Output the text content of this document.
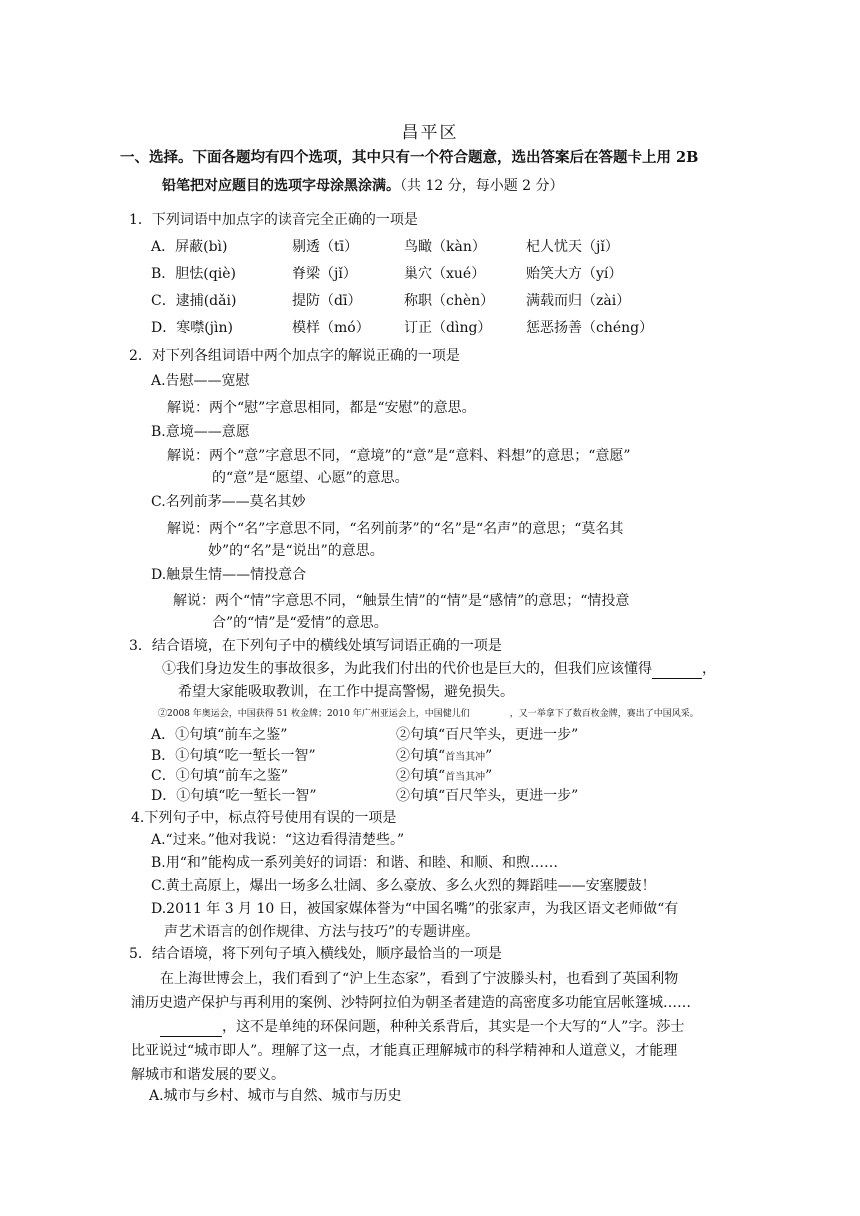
昌平区
一、选择。下面各题均有四个选项，其中只有一个符合题意，选出答案后在答题卡上用 2B
铅笔把对应题目的选项字母涂黑涂满。（共 12 分，每小题 2 分）
1．下列词语中加点字的读音完全正确的一项是
A．屏蔽(bì)	剔透（tī）	鸟瞰（kàn）	杞人忧天（jǐ）
B．胆怯(qiè)	脊梁（jǐ）	巢穴（xué）	贻笑大方（yí）
C．逮捕(dǎi)	提防（dī）	称职（chèn） 满载而归（zài）
D．寒噤(jìn)	模样（mó） 订正（dìng） 惩恶扬善（chéng）
2．对下列各组词语中两个加点字的解说正确的一项是
A.告慰——宽慰
解说：两个“慰”字意思相同，都是“安慰”的意思。
B.意境——意愿
解说：两个“意”字意思不同，“意境”的“意”是“意料、料想”的意思；“意愿”
的“意”是“愿望、心愿”的意思。
C.名列前茅——莫名其妙
解说：两个“名”字意思不同，“名列前茅”的“名”是“名声”的意思；“莫名其
妙”的“名”是“说出”的意思。
D.触景生情——情投意合
解说：两个“情”字意思不同，“触景生情”的“情”是“感情”的意思；“情投意
合”的“情”是“爱情”的意思。
3．结合语境，在下列句子中的横线处填写词语正确的一项是
①我们身边发生的事故很多，为此我们付出的代价也是巨大的，但我们应该懂得	，
希望大家能吸取教训，在工作中提高警惕，避免损失。
②2008 年奥运会，中国获得 51 枚金牌；2010 年广州亚运会上，中国健儿们	，又一举拿下了数百枚金牌，赛出了中国风采。
A．①句填“前车之鉴”	②句填“百尺竿头，更进一步”
B．①句填“吃一堑长一智”	②句填“首当其冲”
C．①句填“前车之鉴”	②句填“首当其冲”
D．①句填“吃一堑长一智”	②句填“百尺竿头，更进一步”
4.下列句子中，标点符号使用有误的一项是
A.“过来。”他对我说：“这边看得清楚些。”
B.用“和”能构成一系列美好的词语：和谐、和睦、和顺、和煦……
C.黄土高原上，爆出一场多么壮阔、多么豪放、多么火烈的舞蹈哇——安塞腰鼓！
D.2011 年 3 月 10 日，被国家媒体誉为“中国名嘴”的张家声，为我区语文老师做“有
声艺术语言的创作规律、方法与技巧”的专题讲座。
5．结合语境，将下列句子填入横线处，顺序最恰当的一项是
在上海世博会上，我们看到了“沪上生态家”，看到了宁波滕头村，也看到了英国利物
浦历史遗产保护与再利用的案例、沙特阿拉伯为朝圣者建造的高密度多功能宜居帐篷城……
，这不是单纯的环保问题，种种关系背后，其实是一个大写的“人”字。莎士
比亚说过“城市即人”。理解了这一点，才能真正理解城市的科学精神和人道意义，才能理
解城市和谐发展的要义。
A.城市与乡村、城市与自然、城市与历史
